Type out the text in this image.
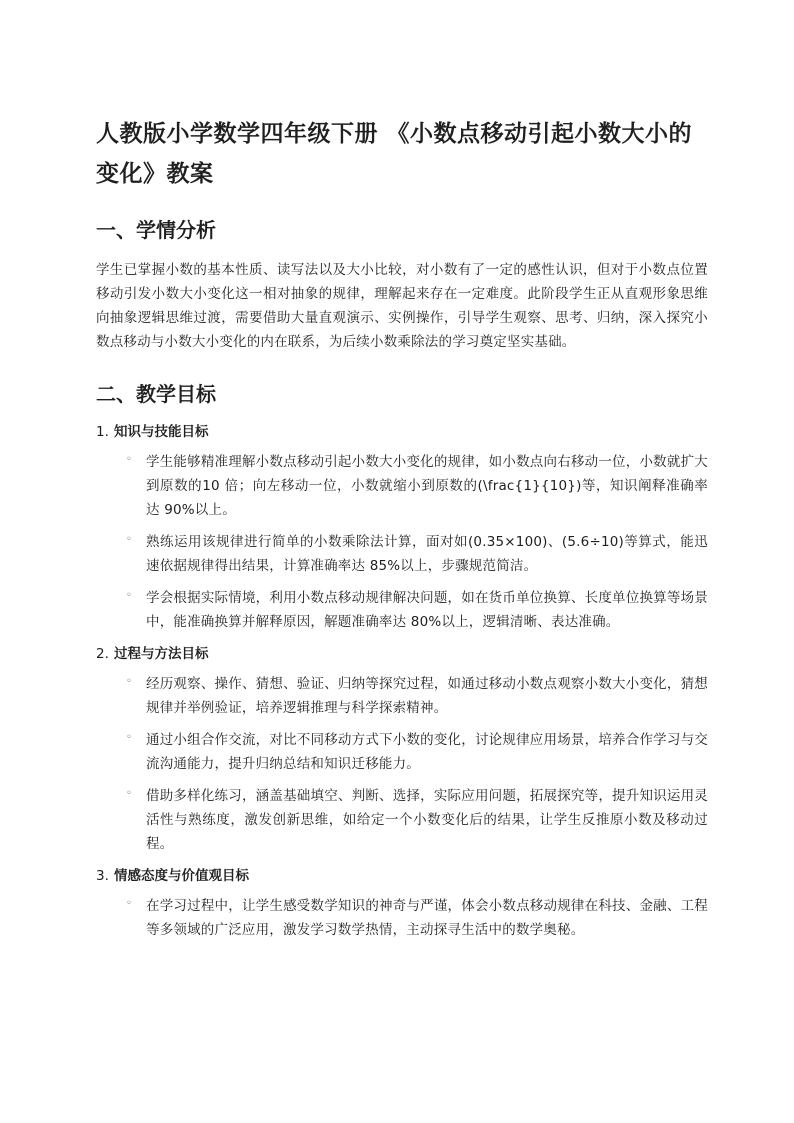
人教版小学数学四年级下册 《小数点移动引起小数大小的变化》教案
一、学情分析

学生已掌握小数的基本性质、读写法以及大小比较，对小数有了一定的感性认识，但对于小数点位置移动引发小数大小变化这一相对抽象的规律，理解起来存在一定难度。此阶段学生正从直观形象思维向抽象逻辑思维过渡，需要借助大量直观演示、实例操作，引导学生观察、思考、归纳，深入探究小数点移动与小数大小变化的内在联系，为后续小数乘除法的学习奠定坚实基础。

二、教学目标
1. 知识与技能目标
◦	学生能够精准理解小数点移动引起小数大小变化的规律，如小数点向右移动一位，小数就扩大到原数的10 倍；向左移动一位，小数就缩小到原数的(\frac{1}{10})等，知识阐释准确率达 90%以上。
◦	熟练运用该规律进行简单的小数乘除法计算，面对如(0.35×100)、(5.6÷10)等算式，能迅速依据规律得出结果，计算准确率达 85%以上，步骤规范简洁。
◦	学会根据实际情境，利用小数点移动规律解决问题，如在货币单位换算、长度单位换算等场景中，能准确换算并解释原因，解题准确率达 80%以上，逻辑清晰、表达准确。
2. 过程与方法目标
◦	经历观察、操作、猜想、验证、归纳等探究过程，如通过移动小数点观察小数大小变化，猜想规律并举例验证，培养逻辑推理与科学探索精神。
◦	通过小组合作交流，对比不同移动方式下小数的变化，讨论规律应用场景，培养合作学习与交流沟通能力，提升归纳总结和知识迁移能力。
◦	借助多样化练习，涵盖基础填空、判断、选择，实际应用问题，拓展探究等，提升知识运用灵活性与熟练度，激发创新思维，如给定一个小数变化后的结果，让学生反推原小数及移动过程。
3. 情感态度与价值观目标
◦	在学习过程中，让学生感受数学知识的神奇与严谨，体会小数点移动规律在科技、金融、工程等多领域的广泛应用，激发学习数学热情，主动探寻生活中的数学奥秘。
